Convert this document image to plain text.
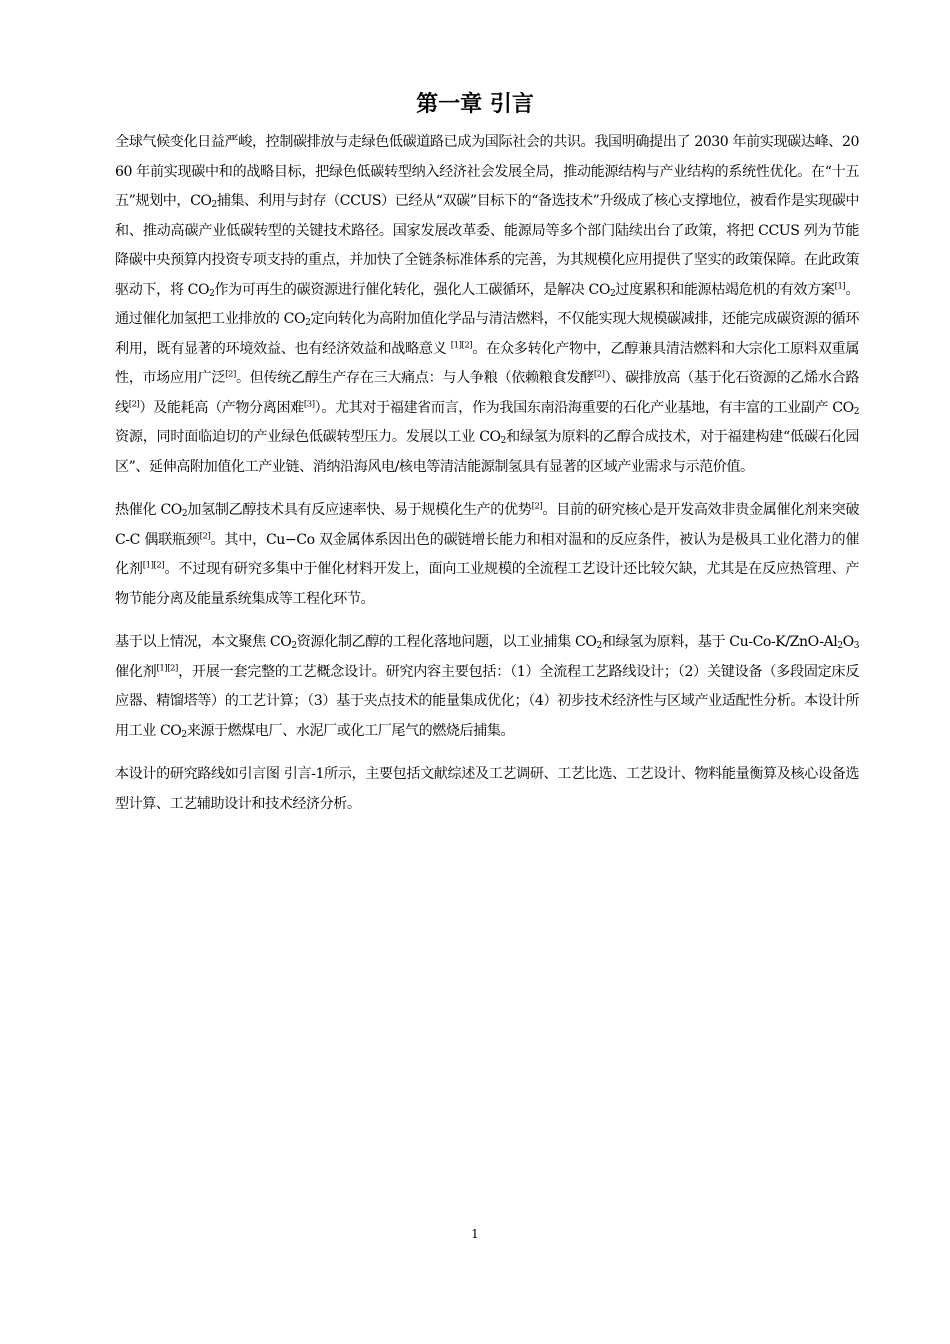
第一章 引言

全球气候变化日益严峻，控制碳排放与走绿色低碳道路已成为国际社会的共识。我国明确提出了 2030 年前实现碳达峰、2060 年前实现碳中和的战略目标，把绿色低碳转型纳入经济社会发展全局，推动能源结构与产业结构的系统性优化。在“十五五”规划中，$CO_2$捕集、利用与封存（CCUS）已经从“双碳”目标下的“备选技术”升级成了核心支撑地位，被看作是实现碳中和、推动高碳产业低碳转型的关键技术路径。国家发展改革委、能源局等多个部门陆续出台了政策，将把 CCUS 列为节能降碳中央预算内投资专项支持的重点，并加快了全链条标准体系的完善，为其规模化应用提供了坚实的政策保障。在此政策驱动下，将 $CO_2$作为可再生的碳资源进行催化转化，强化人工碳循环，是解决 $CO_2$过度累积和能源枯竭危机的有效方案[1]。通过催化加氢把工业排放的 $CO_2$定向转化为高附加值化学品与清洁燃料，不仅能实现大规模碳减排，还能完成碳资源的循环利用，既有显著的环境效益、也有经济效益和战略意义 [1][2]。在众多转化产物中，乙醇兼具清洁燃料和大宗化工原料双重属性，市场应用广泛[2]。但传统乙醇生产存在三大痛点：与人争粮（依赖粮食发酵[2]）、碳排放高（基于化石资源的乙烯水合路线[2]）及能耗高（产物分离困难[3]）。尤其对于福建省而言，作为我国东南沿海重要的石化产业基地，有丰富的工业副产 $CO_2$资源，同时面临迫切的产业绿色低碳转型压力。发展以工业 $CO_2$和绿氢为原料的乙醇合成技术，对于福建构建“低碳石化园区”、延伸高附加值化工产业链、消纳沿海风电/核电等清洁能源制氢具有显著的区域产业需求与示范价值。

热催化 $CO_2$加氢制乙醇技术具有反应速率快、易于规模化生产的优势[2]。目前的研究核心是开发高效非贵金属催化剂来突破 C-C 偶联瓶颈[2]。其中，Cu−Co 双金属体系因出色的碳链增长能力和相对温和的反应条件，被认为是极具工业化潜力的催化剂[1][2]。不过现有研究多集中于催化材料开发上，面向工业规模的全流程工艺设计还比较欠缺，尤其是在反应热管理、产物节能分离及能量系统集成等工程化环节。

基于以上情况，本文聚焦 $CO_2$资源化制乙醇的工程化落地问题，以工业捕集 $CO_2$和绿氢为原料，基于 $Cu-Co-K/ZnO-Al_2O_3$催化剂[1][2]，开展一套完整的工艺概念设计。研究内容主要包括：（1）全流程工艺路线设计；（2）关键设备（多段固定床反应器、精馏塔等）的工艺计算；（3）基于夹点技术的能量集成优化；（4）初步技术经济性与区域产业适配性分析。本设计所用工业 $CO_2$来源于燃煤电厂、水泥厂或化工厂尾气的燃烧后捕集。

本设计的研究路线如引言图 引言-1所示，主要包括文献综述及工艺调研、工艺比选、工艺设计、物料能量衡算及核心设备选型计算、工艺辅助设计和技术经济分析。

1
